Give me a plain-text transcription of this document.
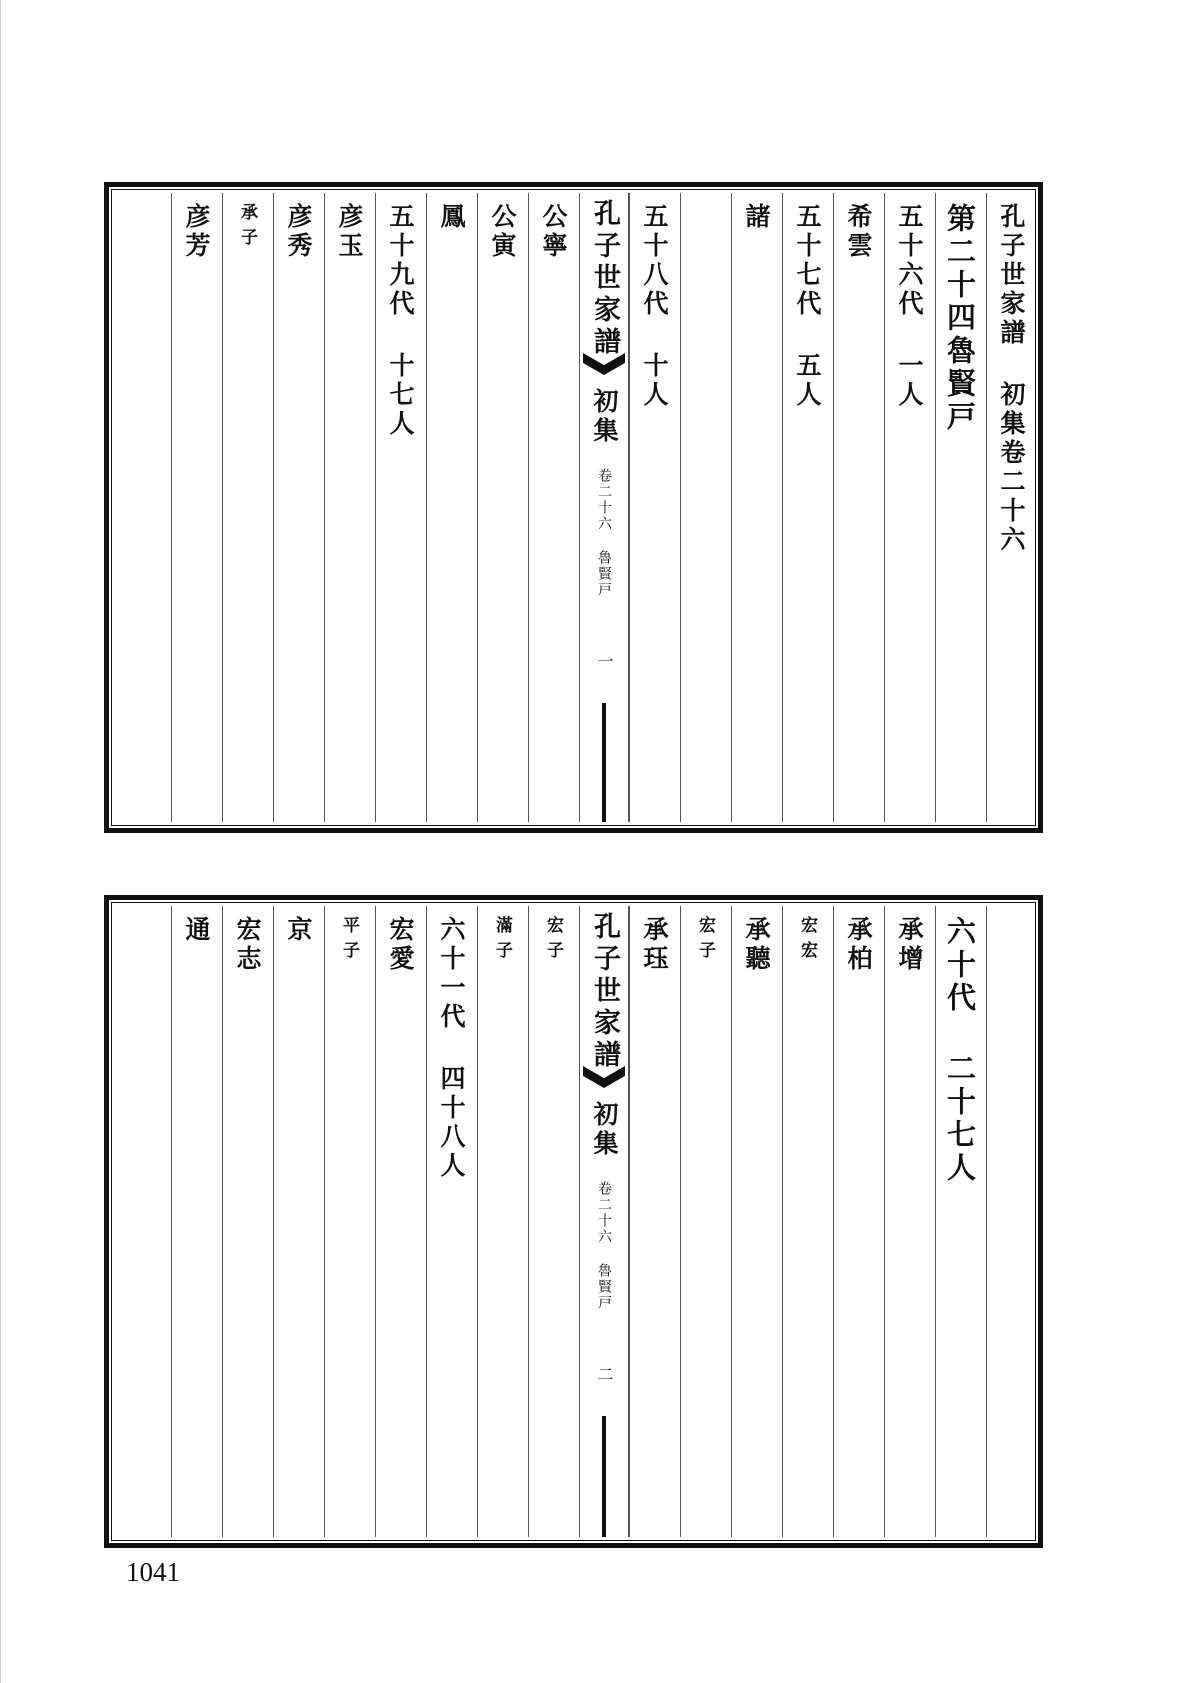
孔子世家譜 初集卷二十六
第二十四魯賢戸
五十六代 一人
希雲
五十七代 五人
諸
五十八代 十人
孔子世家譜
初集
卷二十六 魯賢戸
一
公寧
公寅
鳳
五十九代 十七人
彦玉
彦秀
承子
彦芳
六十代 二十七人
承增
承柏
宏宏
承聽
宏子
承珏
孔子世家譜
初集
卷二十六 魯賢戸
二
宏子
滿子
六十一代 四十八人
宏愛
平子
京
宏志
通
1041
